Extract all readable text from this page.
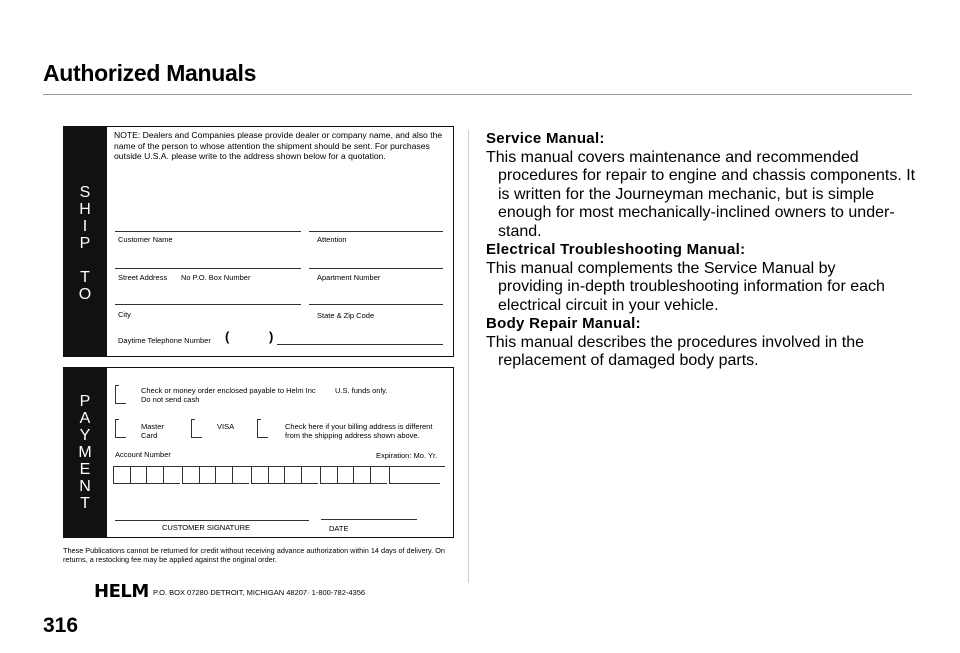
Authorized Manuals
S
H
I
P

T
O
NOTE: Dealers and Companies please provide dealer or company name, and also the name of the person to whose attention the shipment should be sent. For purchases outside U.S.A. please write to the address shown below for a quotation.
Customer Name	Attention
Street Address No P.O. Box Number	Apartment Number
City	State & Zip Code
Daytime Telephone Number (	)
P
A
Y
M
E
N
T
Check or money order enclosed payable to Helm Inc
Do not send cash
U.S. funds only.
Master
Card
VISA	Check here if your billing address is different
from the shipping address shown above.
Account Number	Expiration: Mo. Yr.
CUSTOMER SIGNATURE	DATE
These Publications cannot be returned for credit without receiving advance authorization within 14 days of delivery. On returns, a restocking fee may be applied against the original order.
HELM P.O. BOX 07280·DETROIT, MICHIGAN 48207· 1-800-782-4356
316
Service Manual:
This manual covers maintenance and recommended
procedures for repair to engine and chassis components. It is written for the Journeyman mechanic, but is simple enough for most mechanically-inclined owners to under-stand.
Electrical Troubleshooting Manual:
This manual complements the Service Manual by
providing in-depth troubleshooting information for each electrical circuit in your vehicle.
Body Repair Manual:
This manual describes the procedures involved in the
replacement of damaged body parts.
